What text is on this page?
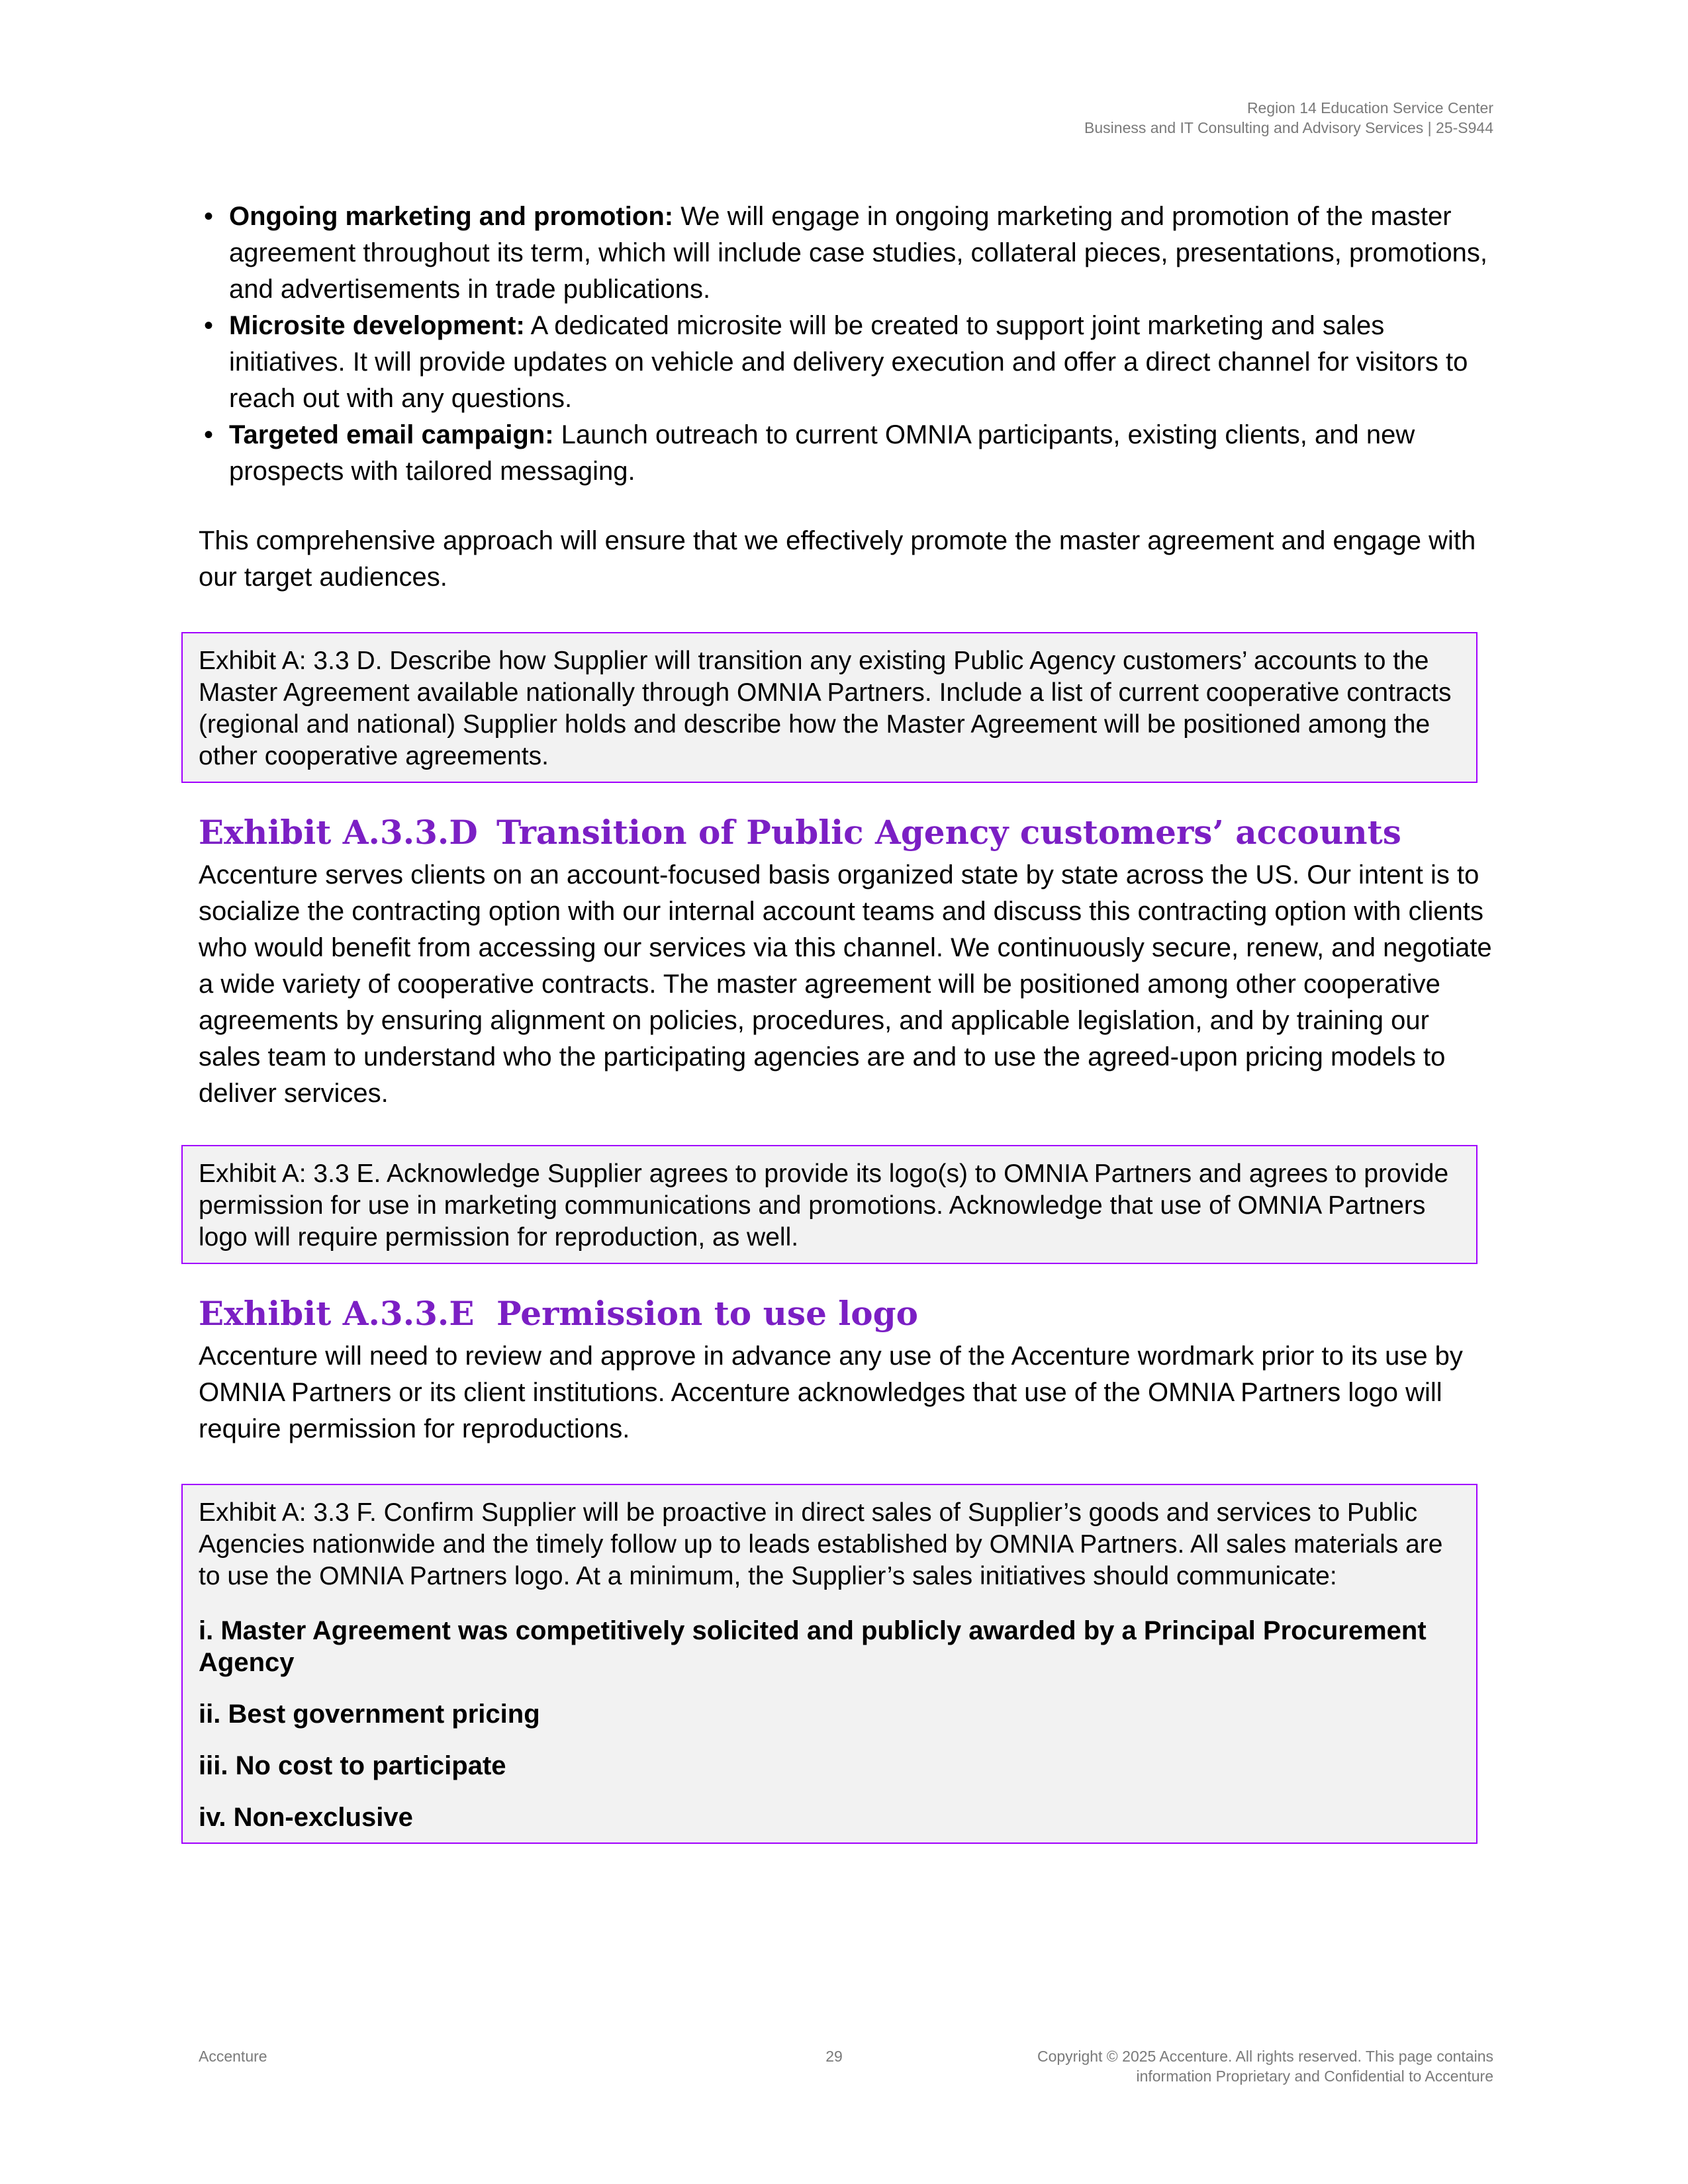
Region 14 Education Service Center
Business and IT Consulting and Advisory Services | 25-S944
• Ongoing marketing and promotion: We will engage in ongoing marketing and promotion of the master agreement throughout its term, which will include case studies, collateral pieces, presentations, promotions, and advertisements in trade publications.
• Microsite development: A dedicated microsite will be created to support joint marketing and sales initiatives. It will provide updates on vehicle and delivery execution and offer a direct channel for visitors to reach out with any questions.
• Targeted email campaign: Launch outreach to current OMNIA participants, existing clients, and new prospects with tailored messaging.

This comprehensive approach will ensure that we effectively promote the master agreement and engage with our target audiences.

Exhibit A: 3.3 D. Describe how Supplier will transition any existing Public Agency customers’ accounts to the Master Agreement available nationally through OMNIA Partners. Include a list of current cooperative contracts (regional and national) Supplier holds and describe how the Master Agreement will be positioned among the other cooperative agreements.

Exhibit A.3.3.D Transition of Public Agency customers’ accounts

Accenture serves clients on an account-focused basis organized state by state across the US. Our intent is to socialize the contracting option with our internal account teams and discuss this contracting option with clients who would benefit from accessing our services via this channel. We continuously secure, renew, and negotiate a wide variety of cooperative contracts. The master agreement will be positioned among other cooperative agreements by ensuring alignment on policies, procedures, and applicable legislation, and by training our sales team to understand who the participating agencies are and to use the agreed-upon pricing models to deliver services.

Exhibit A: 3.3 E. Acknowledge Supplier agrees to provide its logo(s) to OMNIA Partners and agrees to provide permission for use in marketing communications and promotions. Acknowledge that use of OMNIA Partners logo will require permission for reproduction, as well.

Exhibit A.3.3.E Permission to use logo

Accenture will need to review and approve in advance any use of the Accenture wordmark prior to its use by OMNIA Partners or its client institutions. Accenture acknowledges that use of the OMNIA Partners logo will require permission for reproductions.

Exhibit A: 3.3 F. Confirm Supplier will be proactive in direct sales of Supplier’s goods and services to Public Agencies nationwide and the timely follow up to leads established by OMNIA Partners. All sales materials are to use the OMNIA Partners logo. At a minimum, the Supplier’s sales initiatives should communicate:

i. Master Agreement was competitively solicited and publicly awarded by a Principal Procurement Agency

ii. Best government pricing

iii. No cost to participate

iv. Non-exclusive

Accenture	29	Copyright © 2025 Accenture. All rights reserved. This page contains
information Proprietary and Confidential to Accenture
